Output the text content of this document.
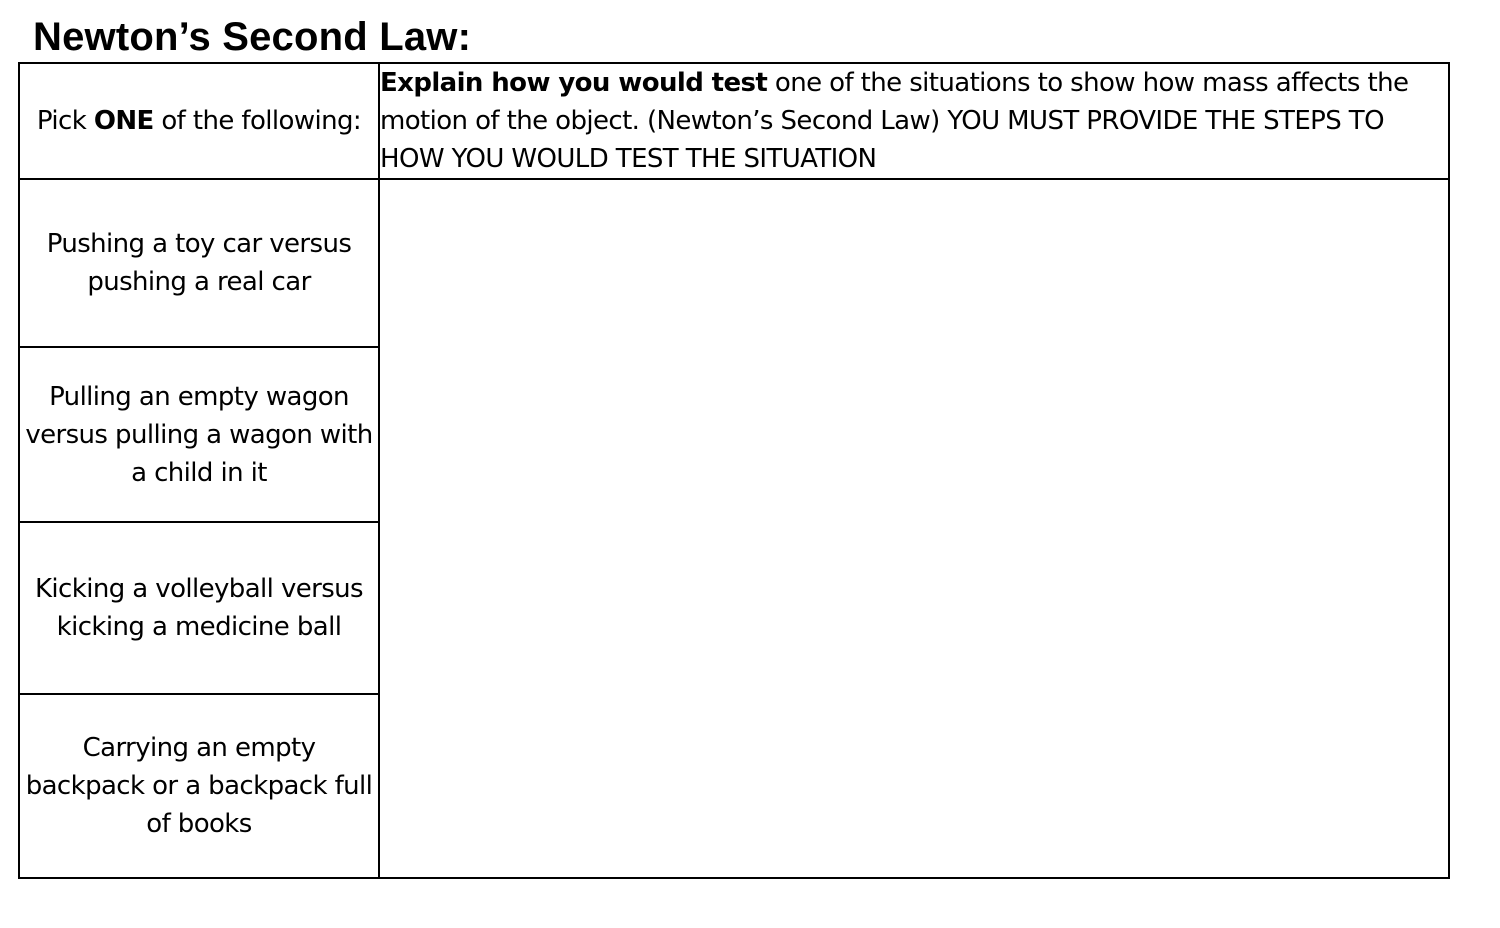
Newton’s Second Law:
Pick ONE of the following:	Explain how you would test one of the situations to show how mass affects the motion of the object. (Newton’s Second Law) YOU MUST PROVIDE THE STEPS TO HOW YOU WOULD TEST THE SITUATION

Pushing a toy car versus pushing a real car	

Pulling an empty wagon versus pulling a wagon with a child in it	

Kicking a volleyball versus kicking a medicine ball	

Carrying an empty backpack or a backpack full of books	
